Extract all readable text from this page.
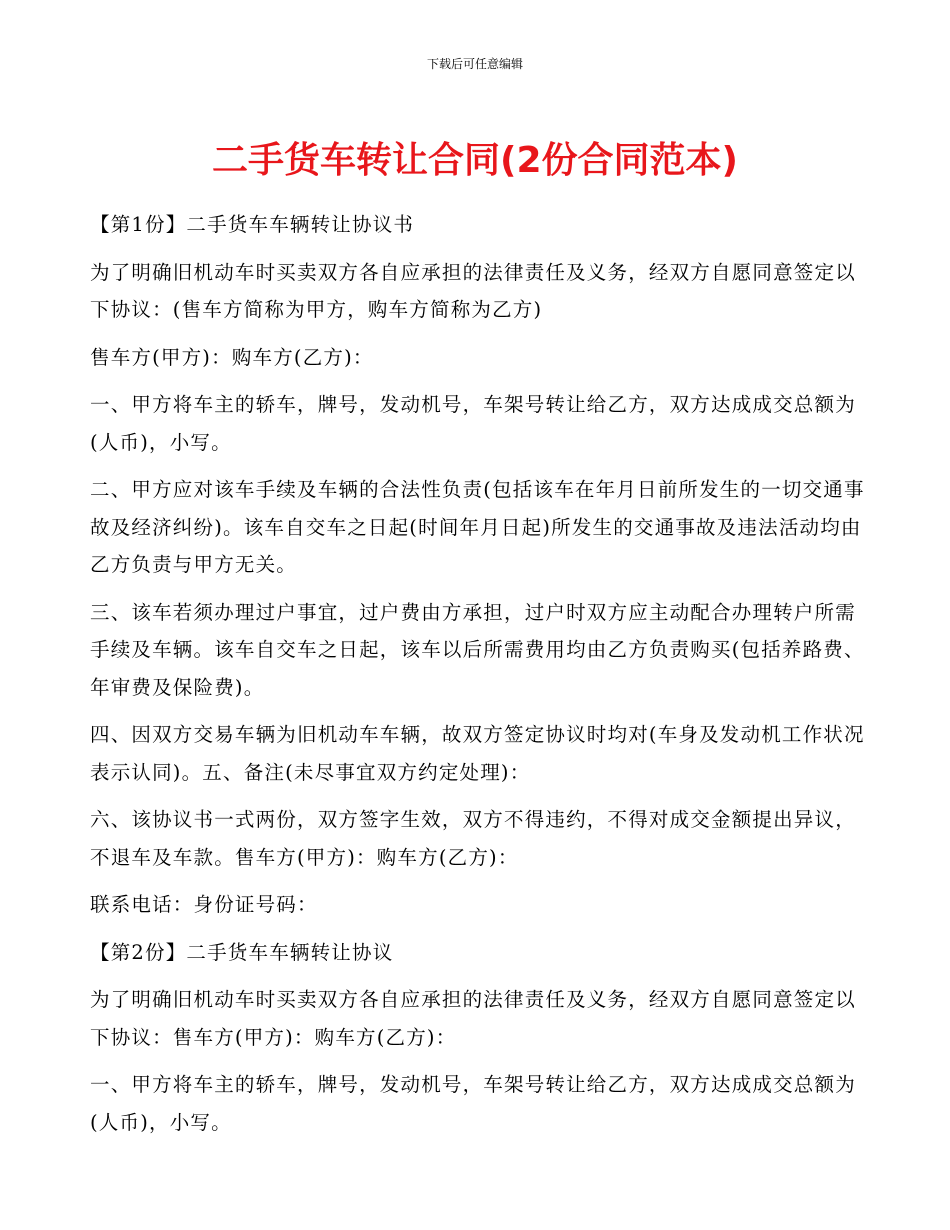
下载后可任意编辑
二手货车转让合同(2份合同范本)

【第1份】二手货车车辆转让协议书

为了明确旧机动车时买卖双方各自应承担的法律责任及义务，经双方自愿同意签定以下协议：(售车方简称为甲方，购车方简称为乙方)

售车方(甲方)：购车方(乙方)：

一、甲方将车主的轿车，牌号，发动机号，车架号转让给乙方，双方达成成交总额为(人币)，小写。

二、甲方应对该车手续及车辆的合法性负责(包括该车在年月日前所发生的一切交通事故及经济纠纷)。该车自交车之日起(时间年月日起)所发生的交通事故及违法活动均由乙方负责与甲方无关。

三、该车若须办理过户事宜，过户费由方承担，过户时双方应主动配合办理转户所需手续及车辆。该车自交车之日起，该车以后所需费用均由乙方负责购买(包括养路费、年审费及保险费)。

四、因双方交易车辆为旧机动车车辆，故双方签定协议时均对(车身及发动机工作状况表示认同)。五、备注(未尽事宜双方约定处理)：

六、该协议书一式两份，双方签字生效，双方不得违约，不得对成交金额提出异议，不退车及车款。售车方(甲方)：购车方(乙方)：

联系电话：身份证号码：

【第2份】二手货车车辆转让协议

为了明确旧机动车时买卖双方各自应承担的法律责任及义务，经双方自愿同意签定以下协议：售车方(甲方)：购车方(乙方)：

一、甲方将车主的轿车，牌号，发动机号，车架号转让给乙方，双方达成成交总额为(人币)，小写。
